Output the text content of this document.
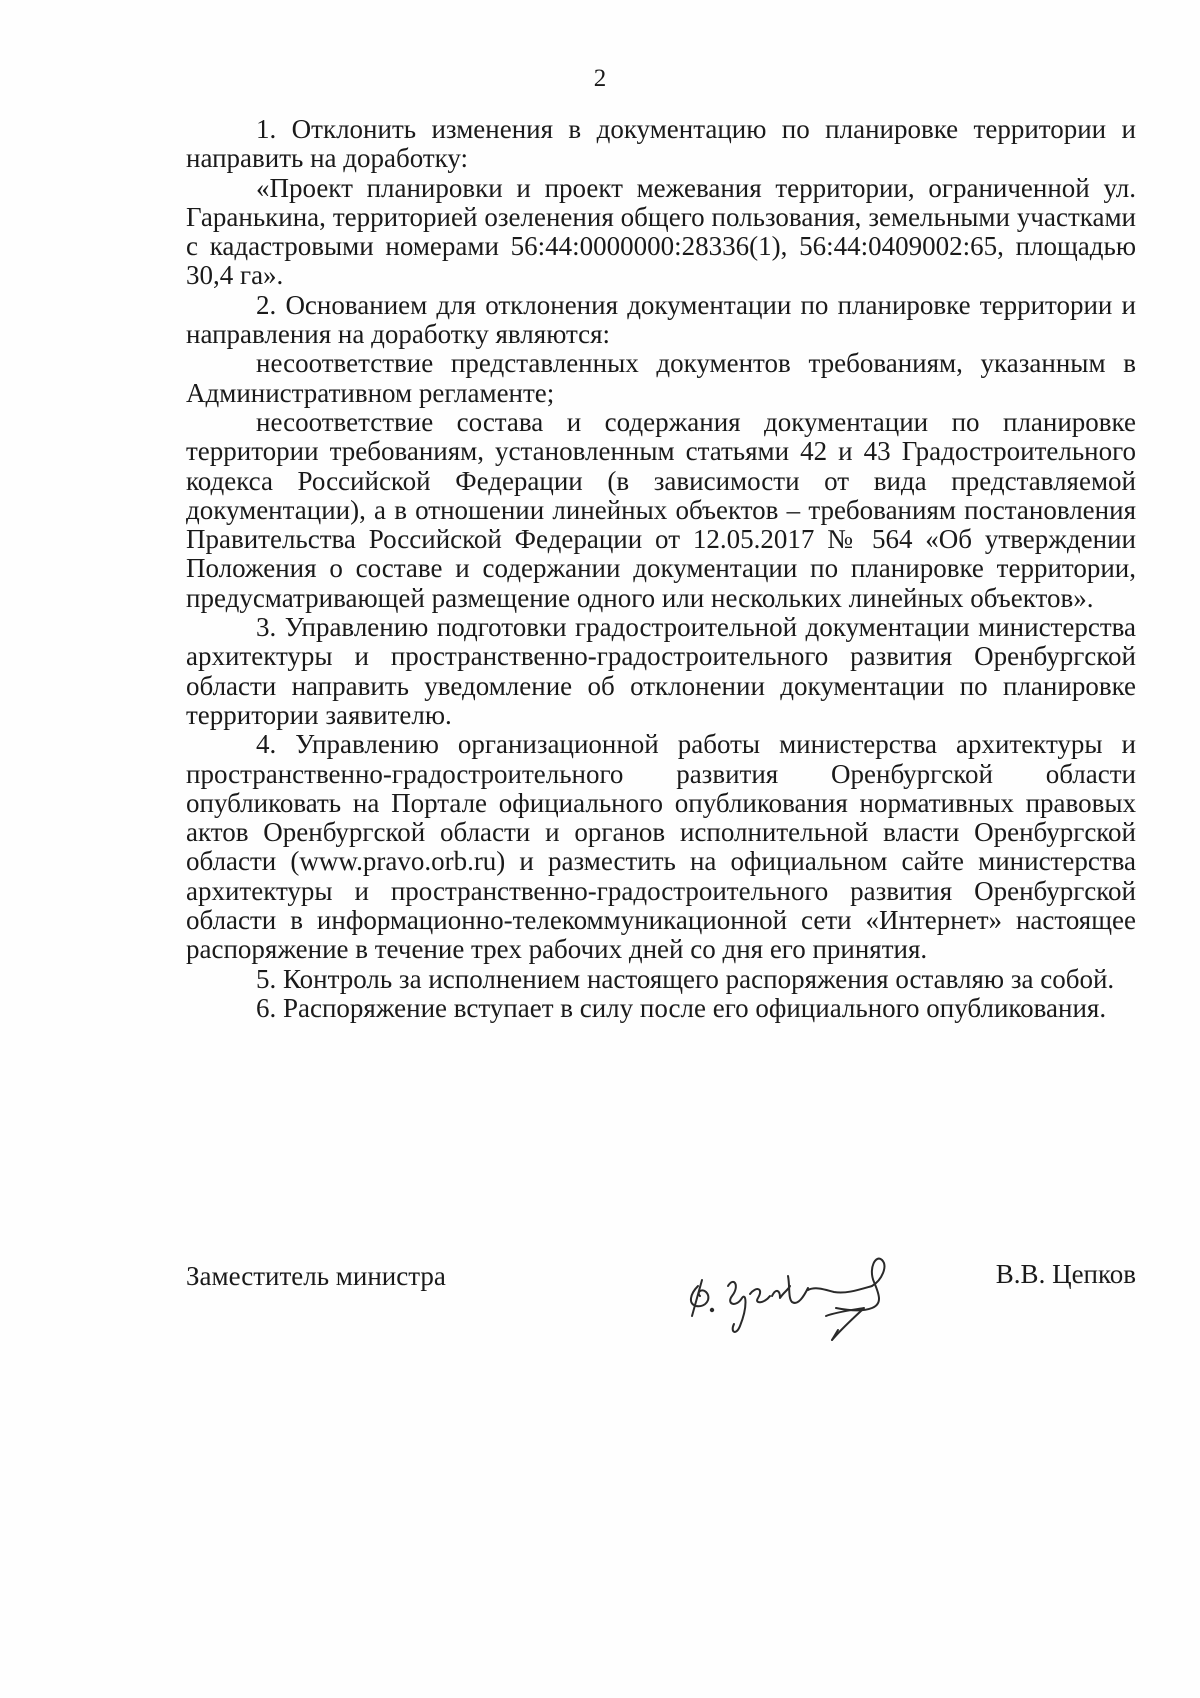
2

1. Отклонить изменения в документацию по планировке территории и направить на доработку:

«Проект планировки и проект межевания территории, ограниченной ул. Гаранькина, территорией озеленения общего пользования, земельными участками с кадастровыми номерами 56:44:0000000:28336(1), 56:44:0409002:65, площадью 30,4 га».

2. Основанием для отклонения документации по планировке территории и направления на доработку являются:

несоответствие представленных документов требованиям, указанным в Административном регламенте;

несоответствие состава и содержания документации по планировке территории требованиям, установленным статьями 42 и 43 Градостроительного кодекса Российской Федерации (в зависимости от вида представляемой документации), а в отношении линейных объектов – требованиям постановления Правительства Российской Федерации от 12.05.2017 № 564 «Об утверждении Положения о составе и содержании документации по планировке территории, предусматривающей размещение одного или нескольких линейных объектов».

3. Управлению подготовки градостроительной документации министерства архитектуры и пространственно-градостроительного развития Оренбургской области направить уведомление об отклонении документации по планировке территории заявителю.

4. Управлению организационной работы министерства архитектуры и пространственно-градостроительного развития Оренбургской области опубликовать на Портале официального опубликования нормативных правовых актов Оренбургской области и органов исполнительной власти Оренбургской области (www.pravo.orb.ru) и разместить на официальном сайте министерства архитектуры и пространственно-градостроительного развития Оренбургской области в информационно-телекоммуникационной сети «Интернет» настоящее распоряжение в течение трех рабочих дней со дня его принятия.

5. Контроль за исполнением настоящего распоряжения оставляю за собой.

6. Распоряжение вступает в силу после его официального опубликования.

Заместитель министра	В.В. Цепков
